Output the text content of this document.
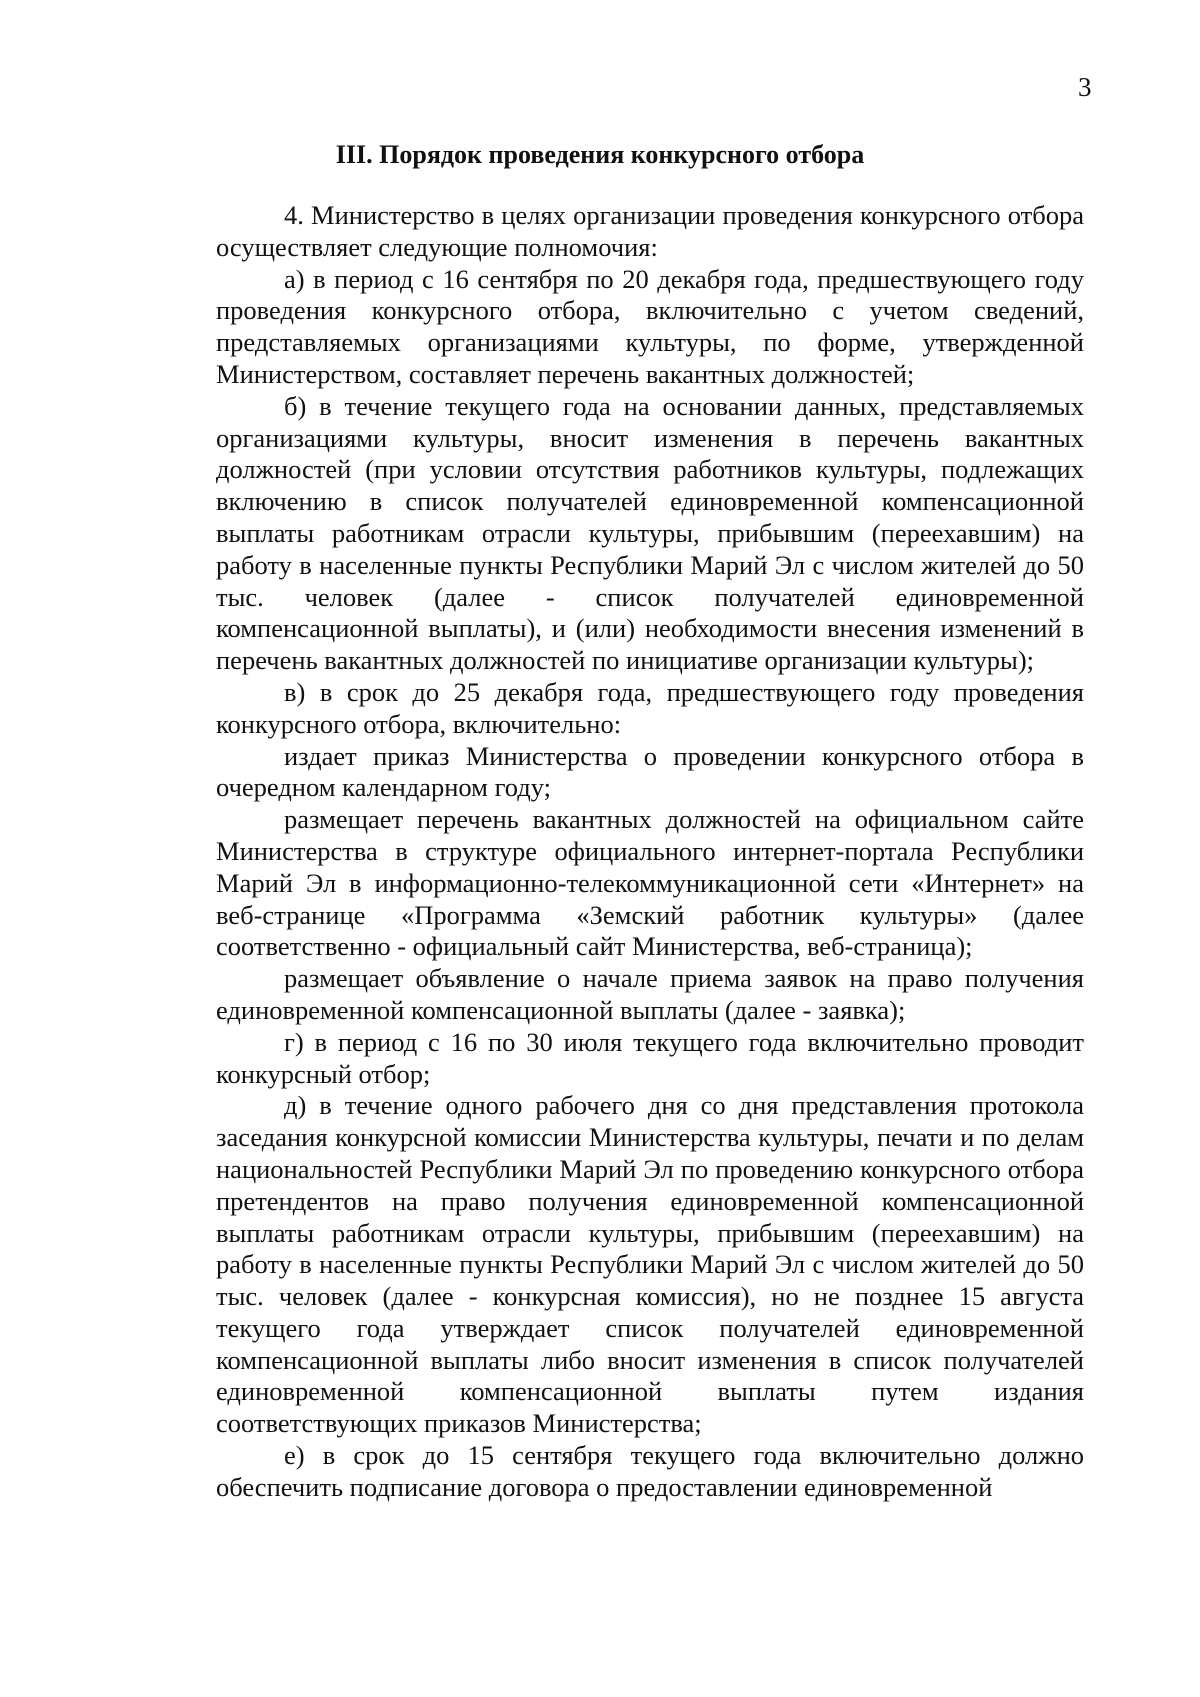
3
III. Порядок проведения конкурсного отбора

4. Министерство в целях организации проведения конкурсного отбора осуществляет следующие полномочия:

а) в период с 16 сентября по 20 декабря года, предшествующего году проведения конкурсного отбора, включительно с учетом сведений, представляемых организациями культуры, по форме, утвержденной Министерством, составляет перечень вакантных должностей;

б) в течение текущего года на основании данных, представляемых организациями культуры, вносит изменения в перечень вакантных должностей (при условии отсутствия работников культуры, подлежащих включению в список получателей единовременной компенсационной выплаты работникам отрасли культуры, прибывшим (переехавшим) на работу в населенные пункты Республики Марий Эл с числом жителей до 50 тыс. человек (далее - список получателей единовременной компенсационной выплаты), и (или) необходимости внесения изменений в перечень вакантных должностей по инициативе организации культуры);

в) в срок до 25 декабря года, предшествующего году проведения конкурсного отбора, включительно:

издает приказ Министерства о проведении конкурсного отбора в очередном календарном году;

размещает перечень вакантных должностей на официальном сайте Министерства в структуре официального интернет-портала Республики Марий Эл в информационно-телекоммуникационной сети «Интернет» на веб-странице «Программа «Земский работник культуры» (далее соответственно - официальный сайт Министерства, веб-страница);

размещает объявление о начале приема заявок на право получения единовременной компенсационной выплаты (далее - заявка);

г) в период с 16 по 30 июля текущего года включительно проводит конкурсный отбор;

д) в течение одного рабочего дня со дня представления протокола заседания конкурсной комиссии Министерства культуры, печати и по делам национальностей Республики Марий Эл по проведению конкурсного отбора претендентов на право получения единовременной компенсационной выплаты работникам отрасли культуры, прибывшим (переехавшим) на работу в населенные пункты Республики Марий Эл с числом жителей до 50 тыс. человек (далее - конкурсная комиссия), но не позднее 15 августа текущего года утверждает список получателей единовременной компенсационной выплаты либо вносит изменения в список получателей единовременной компенсационной выплаты путем издания соответствующих приказов Министерства;

е) в срок до 15 сентября текущего года включительно должно обеспечить подписание договора о предоставлении единовременной
